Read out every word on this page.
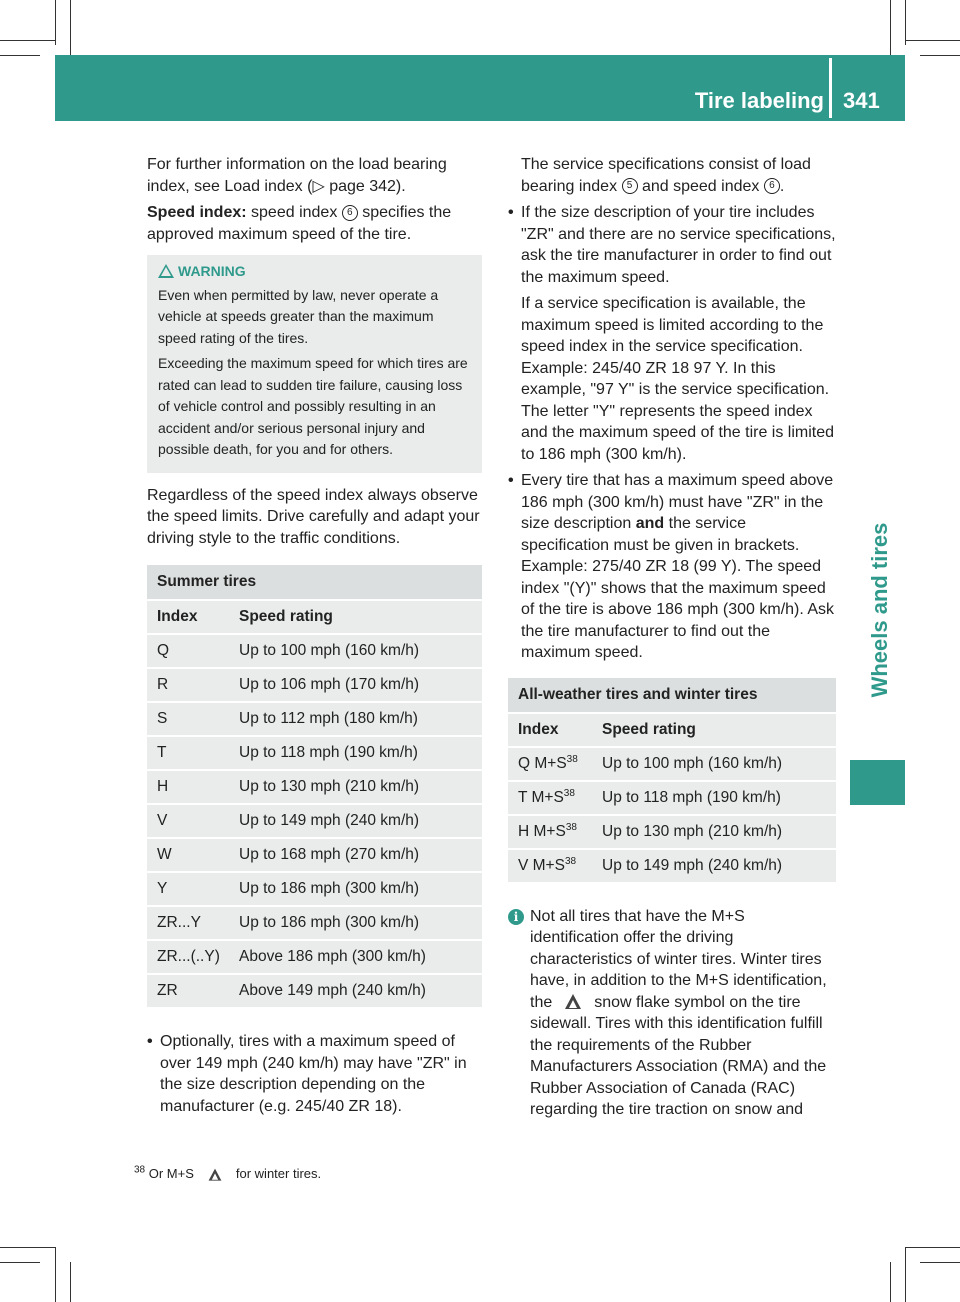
Tire labeling 341
Wheels and tires

For further information on the load bearing index, see Load index (▷ page 342).

Speed index: speed index 6 specifies the approved maximum speed of the tire.

WARNING

Even when permitted by law, never operate a vehicle at speeds greater than the maximum speed rating of the tires.

Exceeding the maximum speed for which tires are rated can lead to sudden tire failure, causing loss of vehicle control and possibly resulting in an accident and/or serious personal injury and possible death, for you and for others.

Regardless of the speed index always observe the speed limits. Drive carefully and adapt your driving style to the traffic conditions.

Summer tires	
Index	Speed rating
Q	Up to 100 mph (160 km/h)
R	Up to 106 mph (170 km/h)
S	Up to 112 mph (180 km/h)
T	Up to 118 mph (190 km/h)
H	Up to 130 mph (210 km/h)
V	Up to 149 mph (240 km/h)
W	Up to 168 mph (270 km/h)
Y	Up to 186 mph (300 km/h)
ZR...Y	Up to 186 mph (300 km/h)
ZR...(..Y)	Above 186 mph (300 km/h)
ZR	Above 149 mph (240 km/h)
• Optionally, tires with a maximum speed of over 149 mph (240 km/h) may have "ZR" in the size description depending on the manufacturer (e.g. 245/40 ZR 18).

The service specifications consist of load bearing index 5 and speed index 6 .

• If the size description of your tire includes "ZR" and there are no service specifications, ask the tire manufacturer in order to find out the maximum speed.
If a service specification is available, the maximum speed is limited according to the speed index in the service specification. Example: 245/40 ZR 18 97 Y. In this example, "97 Y" is the service specification. The letter "Y" represents the speed index and the maximum speed of the tire is limited to 186 mph (300 km/h).
• Every tire that has a maximum speed above 186 mph (300 km/h) must have "ZR" in the size description and the service specification must be given in brackets. Example: 275/40 ZR 18 (99 Y). The speed index "(Y)" shows that the maximum speed of the tire is above 186 mph (300 km/h). Ask the tire manufacturer to find out the maximum speed.
All-weather tires and winter tires	
Index	Speed rating
Q $M+S^{38}$	Up to 100 mph (160 km/h)
T $M+S^{38}$	Up to 118 mph (190 km/h)
H $M+S^{38}$	Up to 130 mph (210 km/h)
V $M+S^{38}$	Up to 149 mph (240 km/h)
i Not all tires that have the M+S identification offer the driving characteristics of winter tires. Winter tires have, in addition to the M+S identification, the	snow flake symbol on the tire sidewall. Tires with this identification fulfill the requirements of the Rubber Manufacturers Association (RMA) and the Rubber Association of Canada (RAC) regarding the tire traction on snow and
$^{38}$ Or M+S	for winter tires.
